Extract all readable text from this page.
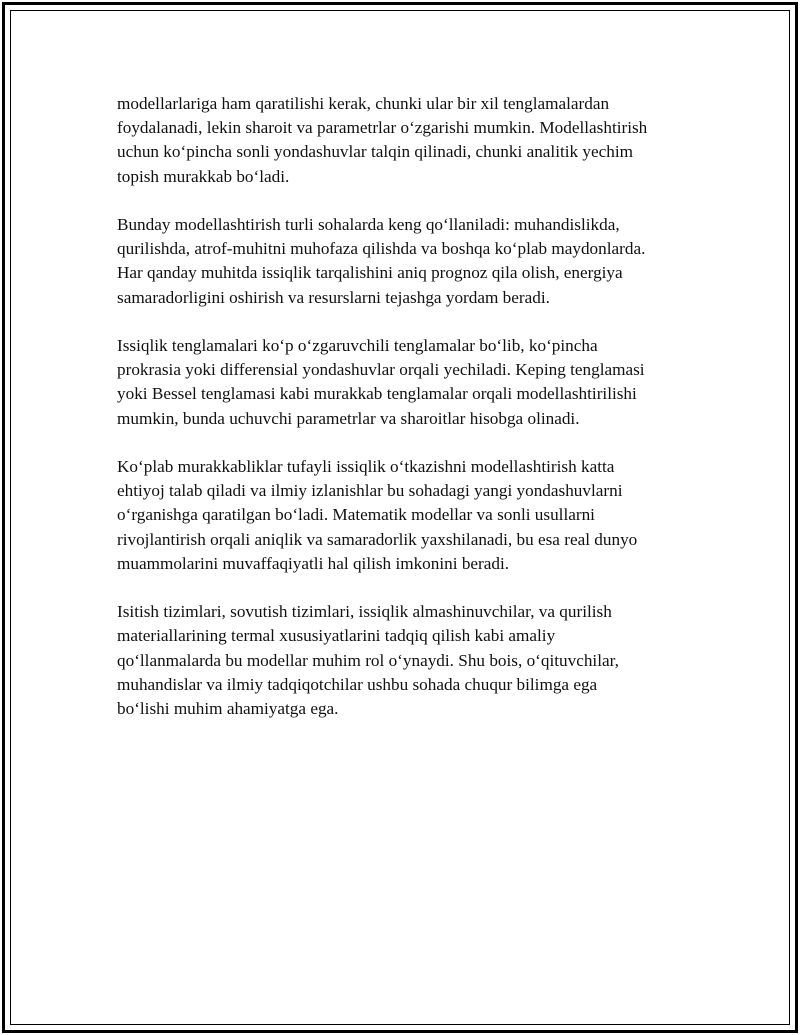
modellarlariga ham qaratilishi kerak, chunki ular bir xil tenglamalardan
foydalanadi, lekin sharoit va parametrlar o‘zgarishi mumkin. Modellashtirish
uchun ko‘pincha sonli yondashuvlar talqin qilinadi, chunki analitik yechim
topish murakkab bo‘ladi.

Bunday modellashtirish turli sohalarda keng qo‘llaniladi: muhandislikda,
qurilishda, atrof-muhitni muhofaza qilishda va boshqa ko‘plab maydonlarda.
Har qanday muhitda issiqlik tarqalishini aniq prognoz qila olish, energiya
samaradorligini oshirish va resurslarni tejashga yordam beradi.

Issiqlik tenglamalari ko‘p o‘zgaruvchili tenglamalar bo‘lib, ko‘pincha
prokrasia yoki differensial yondashuvlar orqali yechiladi. Keping tenglamasi
yoki Bessel tenglamasi kabi murakkab tenglamalar orqali modellashtirilishi
mumkin, bunda uchuvchi parametrlar va sharoitlar hisobga olinadi.

Ko‘plab murakkabliklar tufayli issiqlik o‘tkazishni modellashtirish katta
ehtiyoj talab qiladi va ilmiy izlanishlar bu sohadagi yangi yondashuvlarni
o‘rganishga qaratilgan bo‘ladi. Matematik modellar va sonli usullarni
rivojlantirish orqali aniqlik va samaradorlik yaxshilanadi, bu esa real dunyo
muammolarini muvaffaqiyatli hal qilish imkonini beradi.

Isitish tizimlari, sovutish tizimlari, issiqlik almashinuvchilar, va qurilish
materiallarining termal xususiyatlarini tadqiq qilish kabi amaliy
qo‘llanmalarda bu modellar muhim rol o‘ynaydi. Shu bois, o‘qituvchilar,
muhandislar va ilmiy tadqiqotchilar ushbu sohada chuqur bilimga ega
bo‘lishi muhim ahamiyatga ega.
